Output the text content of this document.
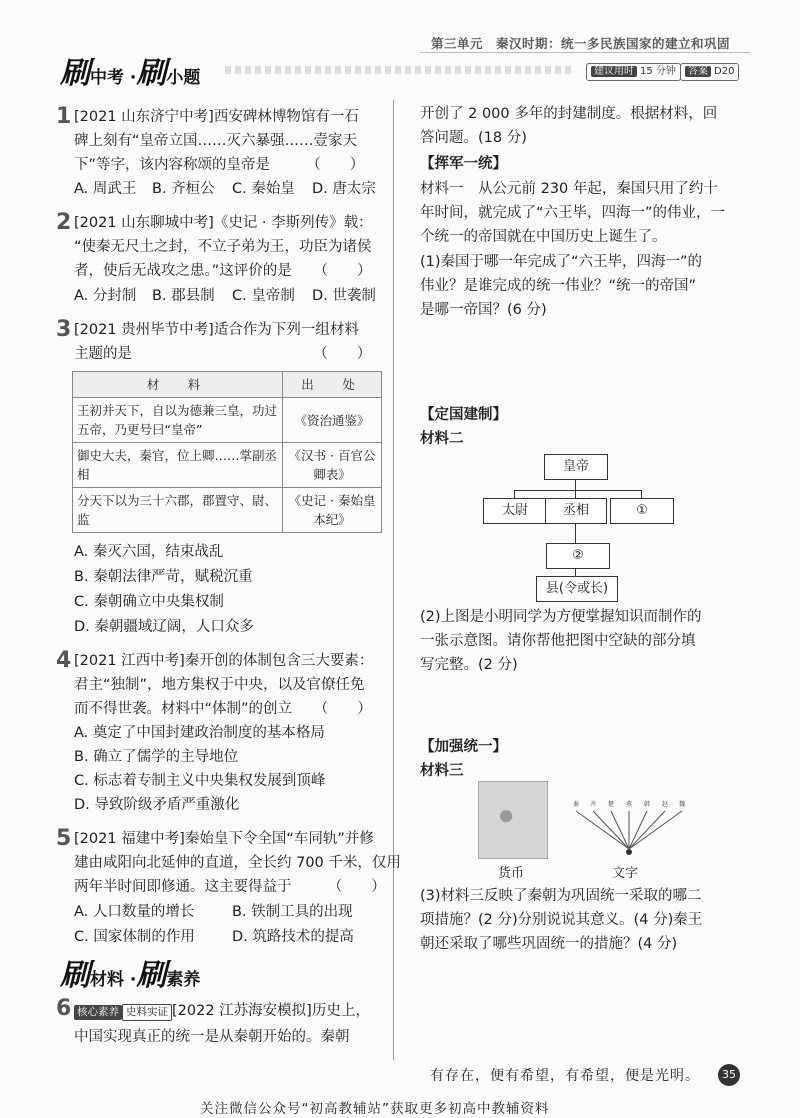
第三单元　秦汉时期：统一多民族国家的建立和巩固
刷中考 ·刷小题	建议用时 15 分钟	答案 D20
1 [2021 山东济宁中考]西安碑林博物馆有一石
碑上刻有“皇帝立国……灭六暴强……壹家天
下”等字，该内容称颂的皇帝是　　　（　　）
A. 周武王 B. 齐桓公 C. 秦始皇 D. 唐太宗
2 [2021 山东聊城中考]《史记 · 李斯列传》载：
“使秦无尺土之封，不立子弟为王，功臣为诸侯
者，使后无战攻之患。”这评价的是　　（　　）
A. 分封制 B. 郡县制 C. 皇帝制 D. 世袭制
3 [2021 贵州毕节中考]适合作为下列一组材料
主题的是　　　　　　　　　　　　　（　　）
材　料	出　处
王初并天下，自以为德兼三皇，功过五帝，乃更号曰“皇帝”	《资治通鉴》
御史大夫，秦官，位上卿……掌副丞相	《汉书 · 百官公卿表》
分天下以为三十六郡，郡置守、尉、监	《史记 · 秦始皇本纪》
A. 秦灭六国，结束战乱
B. 秦朝法律严苛，赋税沉重
C. 秦朝确立中央集权制
D. 秦朝疆域辽阔，人口众多
4 [2021 江西中考]秦开创的体制包含三大要素：
君主“独制”，地方集权于中央，以及官僚任免
而不得世袭。材料中“体制”的创立　　（　　）
A. 奠定了中国封建政治制度的基本格局
B. 确立了儒学的主导地位
C. 标志着专制主义中央集权发展到顶峰
D. 导致阶级矛盾严重激化
5 [2021 福建中考]秦始皇下令全国“车同轨”并修
建由咸阳向北延伸的直道，全长约 700 千米，仅用
两年半时间即修通。这主要得益于　　　（　　）
A. 人口数量的增长	B. 铁制工具的出现
C. 国家体制的作用	D. 筑路技术的提高
刷材料 ·刷素养
6 核心素养 史料实证 [2022 江苏海安模拟]历史上，
中国实现真正的统一是从秦朝开始的。秦朝
开创了 2 000 多年的封建制度。根据材料，回
答问题。(18 分)
【挥军一统】
材料一　从公元前 230 年起，秦国只用了约十
年时间，就完成了“六王毕，四海一”的伟业，一
个统一的帝国就在中国历史上诞生了。
(1)秦国于哪一年完成了“六王毕，四海一”的
伟业？是谁完成的统一伟业？“统一的帝国”
是哪一帝国？(6 分)
【定国建制】
材料二
皇帝
太尉	丞相	①
②
县(令或长)
(2)上图是小明同学为方便掌握知识而制作的
一张示意图。请你帮他把图中空缺的部分填
写完整。(2 分)
【加强统一】
材料三
货币
秦 齐 楚 燕 韩 赵 魏
文字
(3)材料三反映了秦朝为巩固统一采取的哪二
项措施？(2 分)分别说说其意义。(4 分)秦王
朝还采取了哪些巩固统一的措施？(4 分)
有存在，便有希望，有希望，便是光明。	35
关注微信公众号“初高教辅站”获取更多初高中教辅资料
